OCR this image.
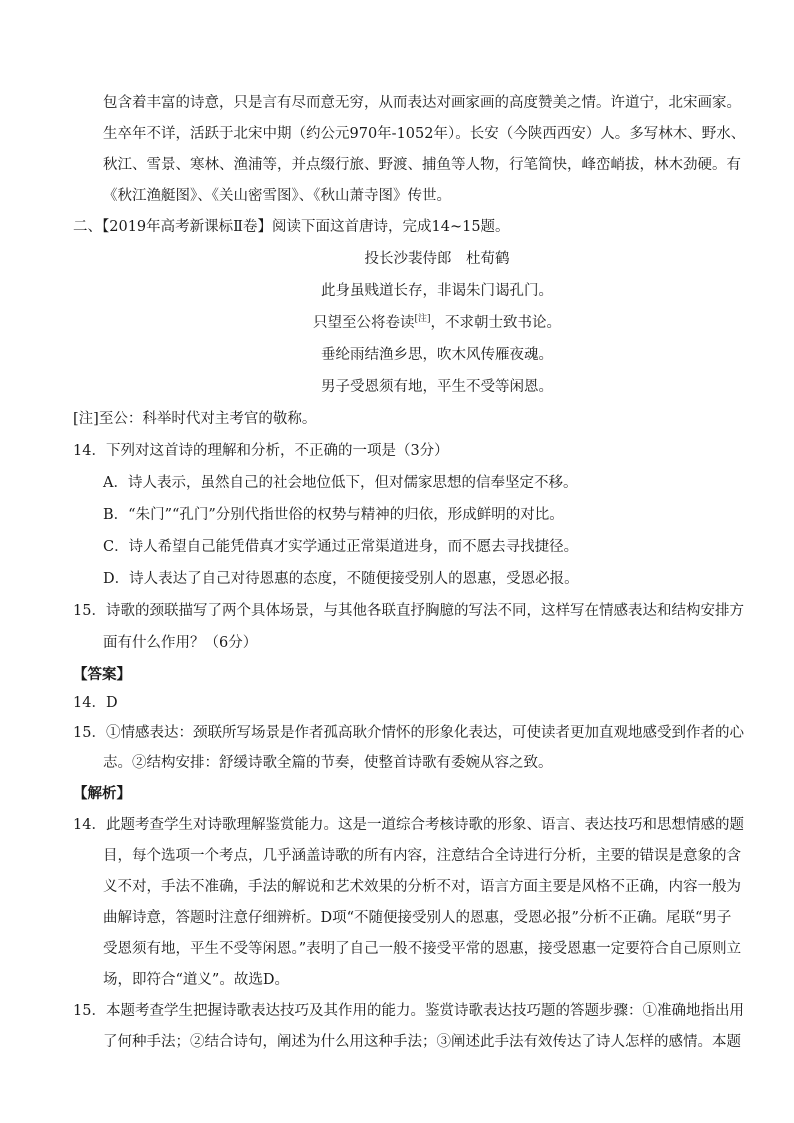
包含着丰富的诗意，只是言有尽而意无穷，从而表达对画家画的高度赞美之情。许道宁，北宋画家。
生卒年不详，活跃于北宋中期（约公元970年-1052年）。长安（今陕西西安）人。多写林木、野水、
秋江、雪景、寒林、渔浦等，并点缀行旅、野渡、捕鱼等人物，行笔简快，峰峦峭拔，林木劲硬。有
《秋江渔艇图》、《关山密雪图》、《秋山萧寺图》传世。
二、【2019年高考新课标Ⅱ卷】阅读下面这首唐诗，完成14~15题。
投长沙裴侍郎　杜荀鹤
此身虽贱道长存，非谒朱门谒孔门。
只望至公将卷读[注]，不求朝士致书论。
垂纶雨结渔乡思，吹木风传雁夜魂。
男子受恩须有地，平生不受等闲恩。
[注]至公：科举时代对主考官的敬称。
14．下列对这首诗的理解和分析，不正确的一项是（3分）
A．诗人表示，虽然自己的社会地位低下，但对儒家思想的信奉坚定不移。
B．“朱门”“孔门”分别代指世俗的权势与精神的归依，形成鲜明的对比。
C．诗人希望自己能凭借真才实学通过正常渠道进身，而不愿去寻找捷径。
D．诗人表达了自己对待恩惠的态度，不随便接受别人的恩惠，受恩必报。
15．诗歌的颈联描写了两个具体场景，与其他各联直抒胸臆的写法不同，这样写在情感表达和结构安排方
面有什么作用？（6分）
【答案】
14．D
15．①情感表达：颈联所写场景是作者孤高耿介情怀的形象化表达，可使读者更加直观地感受到作者的心
志。②结构安排：舒缓诗歌全篇的节奏，使整首诗歌有委婉从容之致。
【解析】
14．此题考查学生对诗歌理解鉴赏能力。这是一道综合考核诗歌的形象、语言、表达技巧和思想情感的题
目，每个选项一个考点，几乎涵盖诗歌的所有内容，注意结合全诗进行分析，主要的错误是意象的含
义不对，手法不准确，手法的解说和艺术效果的分析不对，语言方面主要是风格不正确，内容一般为
曲解诗意，答题时注意仔细辨析。D项“不随便接受别人的恩惠，受恩必报”分析不正确。尾联“男子
受恩须有地，平生不受等闲恩。”表明了自己一般不接受平常的恩惠，接受恩惠一定要符合自己原则立
场，即符合“道义”。故选D。
15．本题考查学生把握诗歌表达技巧及其作用的能力。鉴赏诗歌表达技巧题的答题步骤：①准确地指出用
了何种手法；②结合诗句，阐述为什么用这种手法；③阐述此手法有效传达了诗人怎样的感情。本题
